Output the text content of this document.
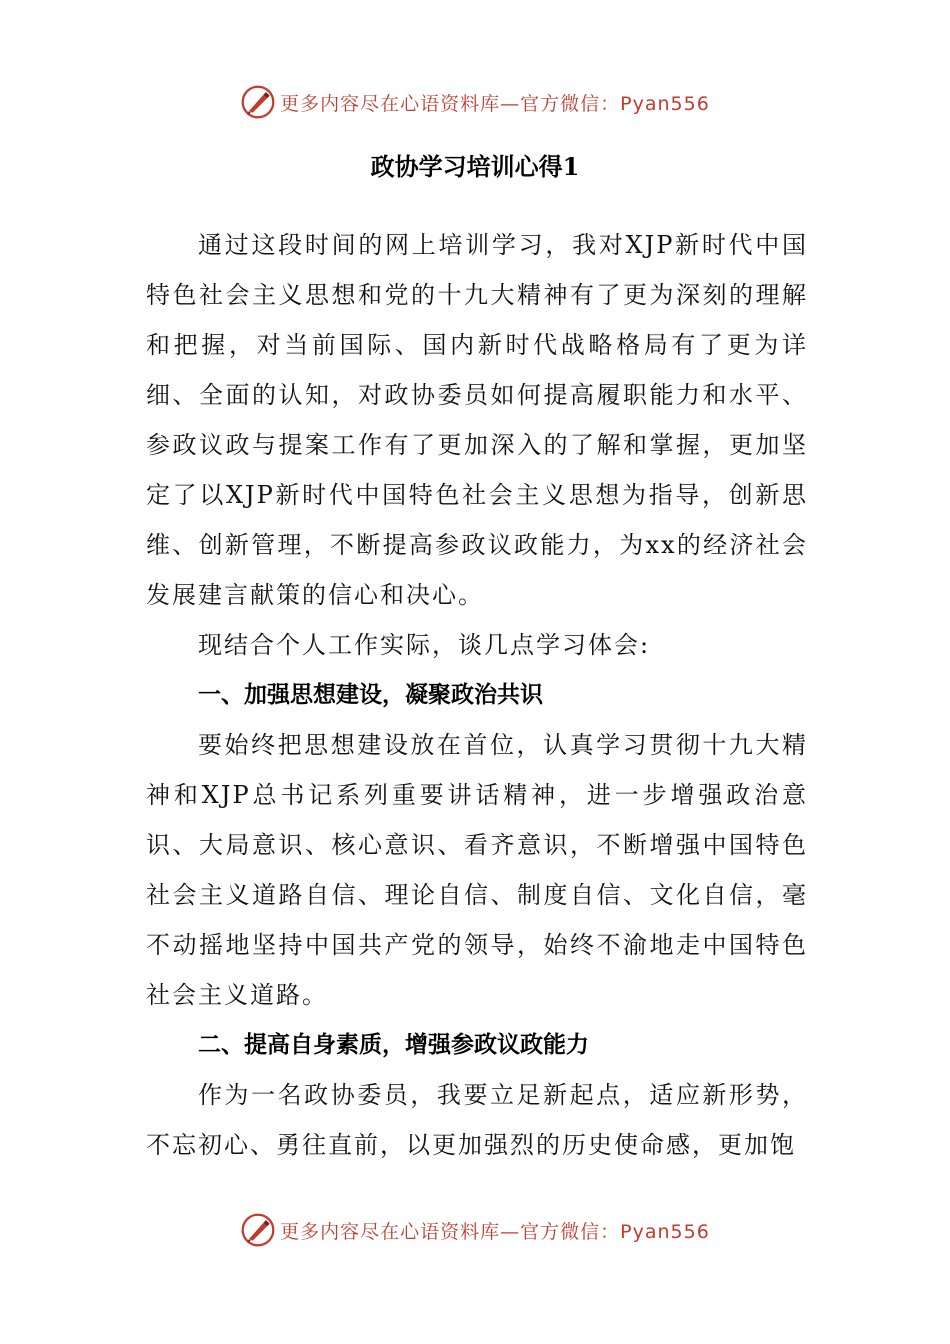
更多内容尽在心语资料库—官方微信：Pyan556
政协学习培训心得1

通过这段时间的网上培训学习，我对XJP新时代中国特色社会主义思想和党的十九大精神有了更为深刻的理解和把握，对当前国际、国内新时代战略格局有了更为详细、全面的认知，对政协委员如何提高履职能力和水平、参政议政与提案工作有了更加深入的了解和掌握，更加坚定了以XJP新时代中国特色社会主义思想为指导，创新思维、创新管理，不断提高参政议政能力，为xx的经济社会发展建言献策的信心和决心。

现结合个人工作实际，谈几点学习体会:

一、加强思想建设，凝聚政治共识

要始终把思想建设放在首位，认真学习贯彻十九大精神和XJP总书记系列重要讲话精神，进一步增强政治意识、大局意识、核心意识、看齐意识，不断增强中国特色社会主义道路自信、理论自信、制度自信、文化自信，毫不动摇地坚持中国共产党的领导，始终不渝地走中国特色社会主义道路。

二、提高自身素质，增强参政议政能力

作为一名政协委员，我要立足新起点，适应新形势，不忘初心、勇往直前，以更加强烈的历史使命感，更加饱

更多内容尽在心语资料库—官方微信：Pyan556
